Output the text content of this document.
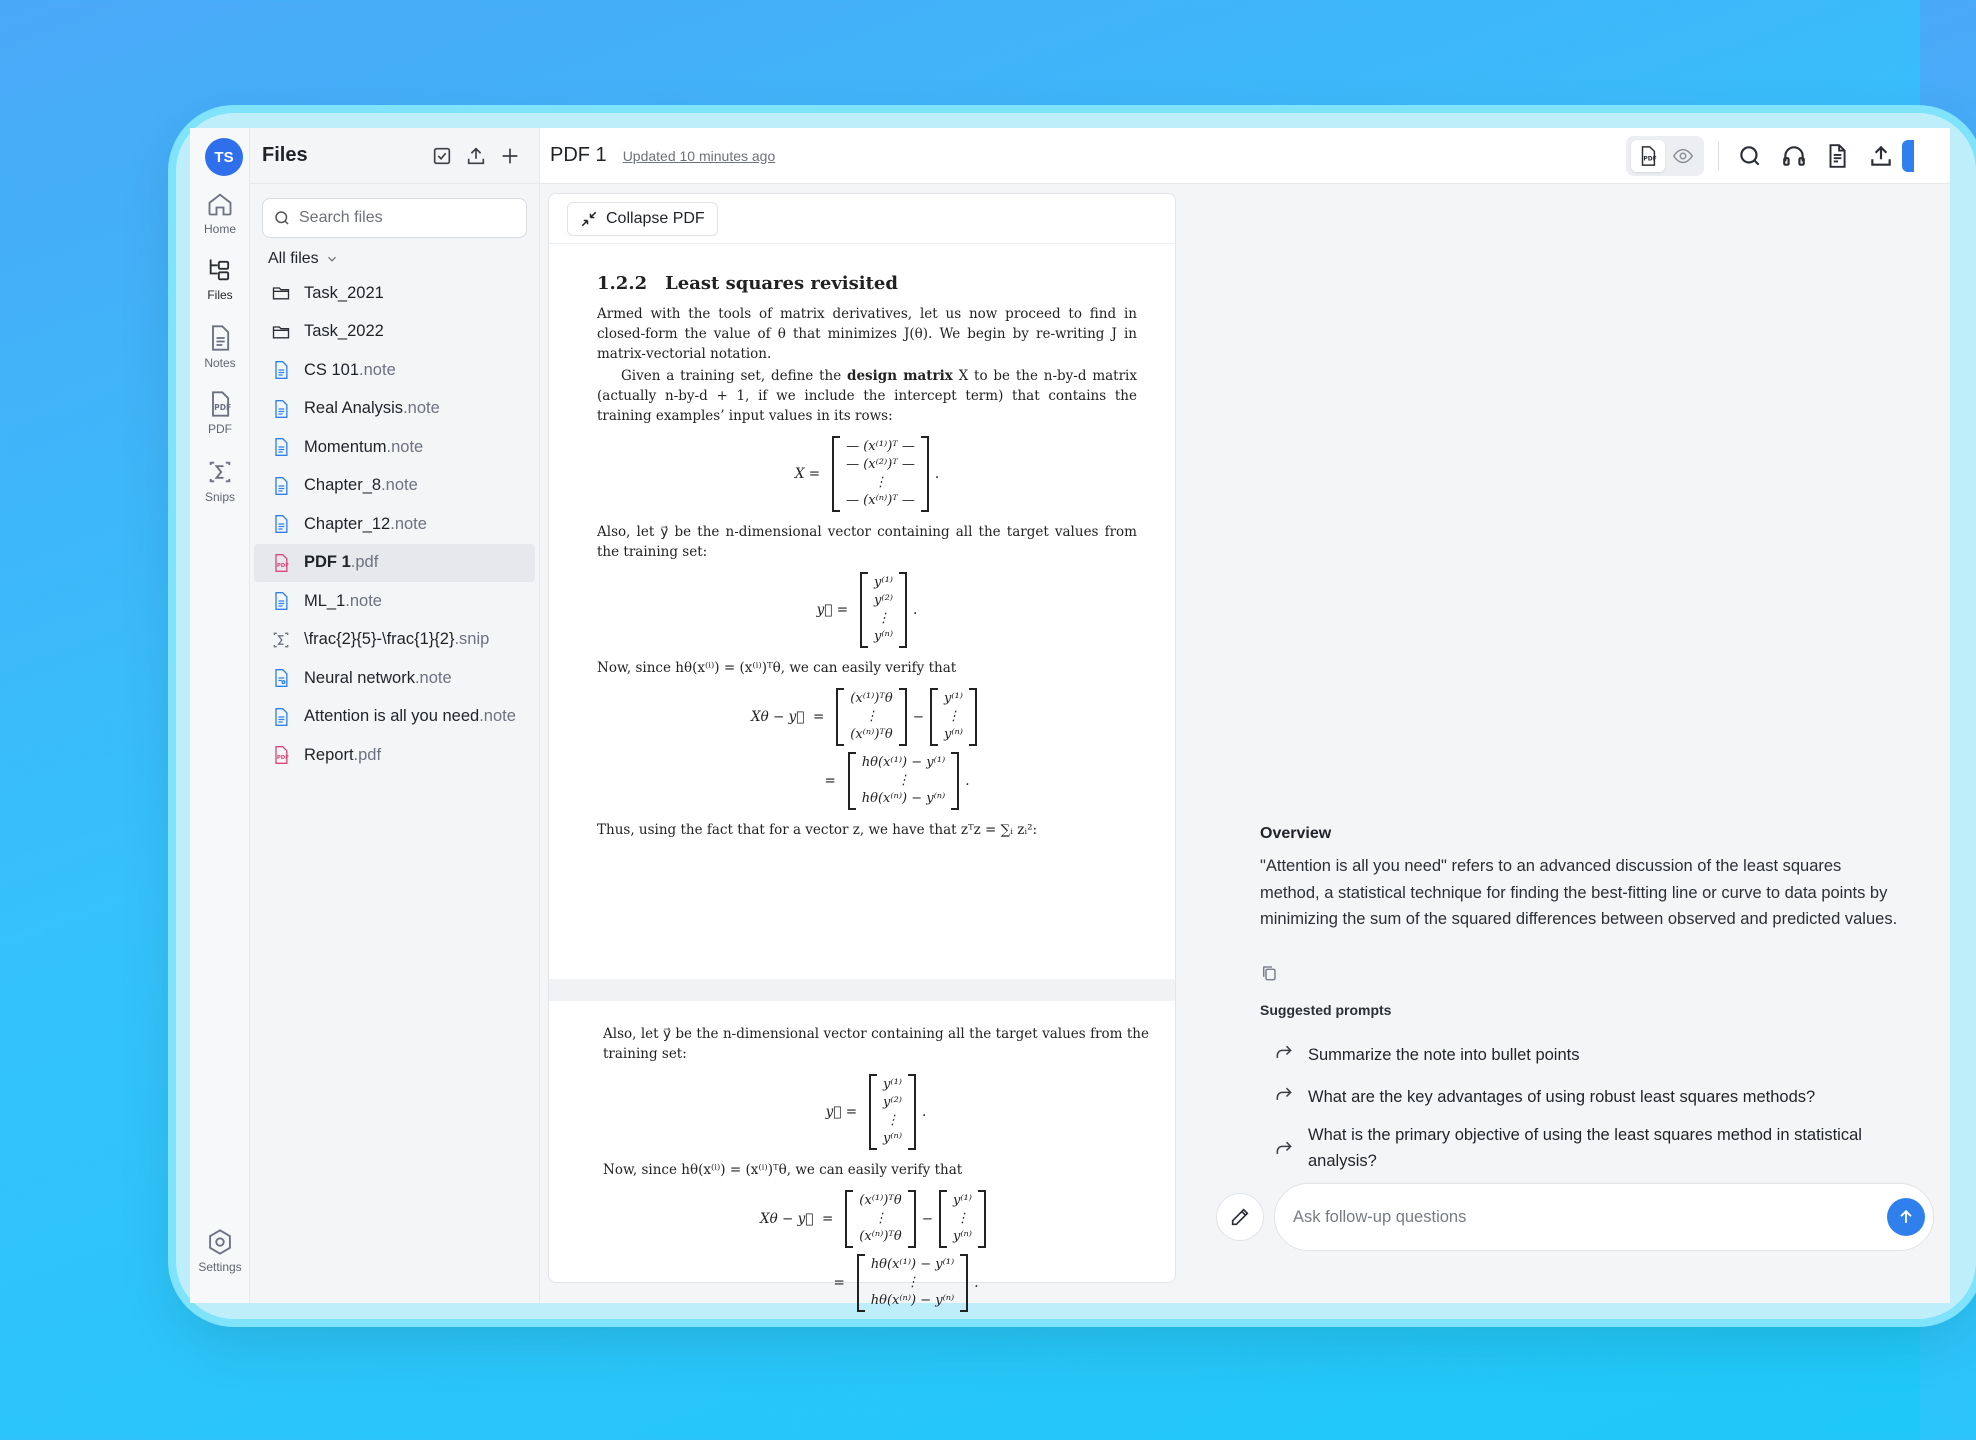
TS
Home
Files
Notes
PDF
PDF
Snips
Settings
Files
Search files
All files
Task_2021
Task_2022
CS 101.note
Real Analysis.note
Momentum.note
Chapter_8.note
Chapter_12.note
PDF PDF 1.pdf
ML_1.note
\frac{2}{5}-\frac{1}{2}.snip
Neural network.note
Attention is all you need.note
PDF Report.pdf
PDF 1 Updated 10 minutes ago	PDF
Collapse PDF
1.2.2 Least squares revisited

Armed with the tools of matrix derivatives, let us now proceed to find in closed-form the value of θ that minimizes J(θ). We begin by re-writing J in matrix-vectorial notation.

Given a training set, define the design matrix X to be the n-by-d matrix (actually n-by-d + 1, if we include the intercept term) that contains the training examples’ input values in its rows:

X =
— (x⁽¹⁾)ᵀ —
— (x⁽²⁾)ᵀ —
⋮
— (x⁽ⁿ⁾)ᵀ —
.

Also, let y⃗ be the n-dimensional vector containing all the target values from the training set:

y⃗ =
y⁽¹⁾
y⁽²⁾
⋮
y⁽ⁿ⁾
.

Now, since hθ(x⁽ⁱ⁾) = (x⁽ⁱ⁾)ᵀθ, we can easily verify that

Xθ − y⃗  =
(x⁽¹⁾)ᵀθ
⋮
(x⁽ⁿ⁾)ᵀθ
−
y⁽¹⁾
⋮
y⁽ⁿ⁾
=
hθ(x⁽¹⁾) − y⁽¹⁾
⋮
hθ(x⁽ⁿ⁾) − y⁽ⁿ⁾
.

Thus, using the fact that for a vector z, we have that zᵀz = ∑ᵢ zᵢ²:

Also, let y⃗ be the n-dimensional vector containing all the target values from the training set:

y⃗ =
y⁽¹⁾
y⁽²⁾
⋮
y⁽ⁿ⁾
.

Now, since hθ(x⁽ⁱ⁾) = (x⁽ⁱ⁾)ᵀθ, we can easily verify that

Xθ − y⃗  =
(x⁽¹⁾)ᵀθ
⋮
(x⁽ⁿ⁾)ᵀθ
−
y⁽¹⁾
⋮
y⁽ⁿ⁾
=
hθ(x⁽¹⁾) − y⁽¹⁾
⋮
hθ(x⁽ⁿ⁾) − y⁽ⁿ⁾
.
Overview
"Attention is all you need" refers to an advanced discussion of the least squares method, a statistical technique for finding the best-fitting line or curve to data points by minimizing the sum of the squared differences between observed and predicted values.
Suggested prompts
Summarize the note into bullet points
What are the key advantages of using robust least squares methods?
What is the primary objective of using the least squares method in statistical analysis?
Ask follow-up questions
